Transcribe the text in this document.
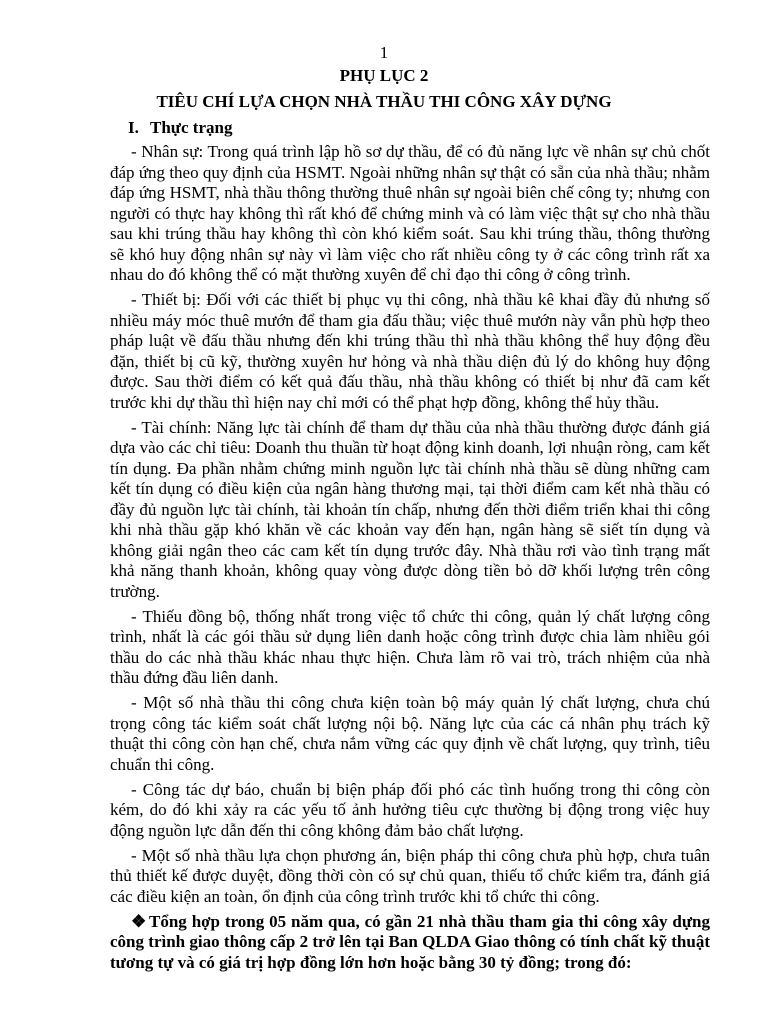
1
PHỤ LỤC 2
TIÊU CHÍ LỰA CHỌN NHÀ THẦU THI CÔNG XÂY DỰNG
I. Thực trạng

- Nhân sự: Trong quá trình lập hồ sơ dự thầu, để có đủ năng lực về nhân sự chủ chốt đáp ứng theo quy định của HSMT. Ngoài những nhân sự thật có sẵn của nhà thầu; nhằm đáp ứng HSMT, nhà thầu thông thường thuê nhân sự ngoài biên chế công ty; nhưng con người có thực hay không thì rất khó để chứng minh và có làm việc thật sự cho nhà thầu sau khi trúng thầu hay không thì còn khó kiểm soát. Sau khi trúng thầu, thông thường sẽ khó huy động nhân sự này vì làm việc cho rất nhiều công ty ở các công trình rất xa nhau do đó không thể có mặt thường xuyên để chỉ đạo thi công ở công trình.

- Thiết bị: Đối với các thiết bị phục vụ thi công, nhà thầu kê khai đầy đủ nhưng số nhiều máy móc thuê mướn để tham gia đấu thầu; việc thuê mướn này vẫn phù hợp theo pháp luật về đấu thầu nhưng đến khi trúng thầu thì nhà thầu không thể huy động đều đặn, thiết bị cũ kỹ, thường xuyên hư hỏng và nhà thầu diện đủ lý do không huy động được. Sau thời điểm có kết quả đấu thầu, nhà thầu không có thiết bị như đã cam kết trước khi dự thầu thì hiện nay chỉ mới có thể phạt hợp đồng, không thể hủy thầu.

- Tài chính: Năng lực tài chính để tham dự thầu của nhà thầu thường được đánh giá dựa vào các chỉ tiêu: Doanh thu thuần từ hoạt động kinh doanh, lợi nhuận ròng, cam kết tín dụng. Đa phần nhằm chứng minh nguồn lực tài chính nhà thầu sẽ dùng những cam kết tín dụng có điều kiện của ngân hàng thương mại, tại thời điểm cam kết nhà thầu có đầy đủ nguồn lực tài chính, tài khoản tín chấp, nhưng đến thời điểm triển khai thi công khi nhà thầu gặp khó khăn về các khoản vay đến hạn, ngân hàng sẽ siết tín dụng và không giải ngân theo các cam kết tín dụng trước đây. Nhà thầu rơi vào tình trạng mất khả năng thanh khoản, không quay vòng được dòng tiền bỏ dỡ khối lượng trên công trường.

- Thiếu đồng bộ, thống nhất trong việc tổ chức thi công, quản lý chất lượng công trình, nhất là các gói thầu sử dụng liên danh hoặc công trình được chia làm nhiều gói thầu do các nhà thầu khác nhau thực hiện. Chưa làm rõ vai trò, trách nhiệm của nhà thầu đứng đầu liên danh.

- Một số nhà thầu thi công chưa kiện toàn bộ máy quản lý chất lượng, chưa chú trọng công tác kiểm soát chất lượng nội bộ. Năng lực của các cá nhân phụ trách kỹ thuật thi công còn hạn chế, chưa nắm vững các quy định về chất lượng, quy trình, tiêu chuẩn thi công.

- Công tác dự báo, chuẩn bị biện pháp đối phó các tình huống trong thi công còn kém, do đó khi xảy ra các yếu tố ảnh hưởng tiêu cực thường bị động trong việc huy động nguồn lực dẫn đến thi công không đảm bảo chất lượng.

- Một số nhà thầu lựa chọn phương án, biện pháp thi công chưa phù hợp, chưa tuân thủ thiết kế được duyệt, đồng thời còn có sự chủ quan, thiếu tổ chức kiểm tra, đánh giá các điều kiện an toàn, ổn định của công trình trước khi tổ chức thi công.

❖ Tổng hợp trong 05 năm qua, có gần 21 nhà thầu tham gia thi công xây dựng công trình giao thông cấp 2 trở lên tại Ban QLDA Giao thông có tính chất kỹ thuật tương tự và có giá trị hợp đồng lớn hơn hoặc bằng 30 tỷ đồng; trong đó:
